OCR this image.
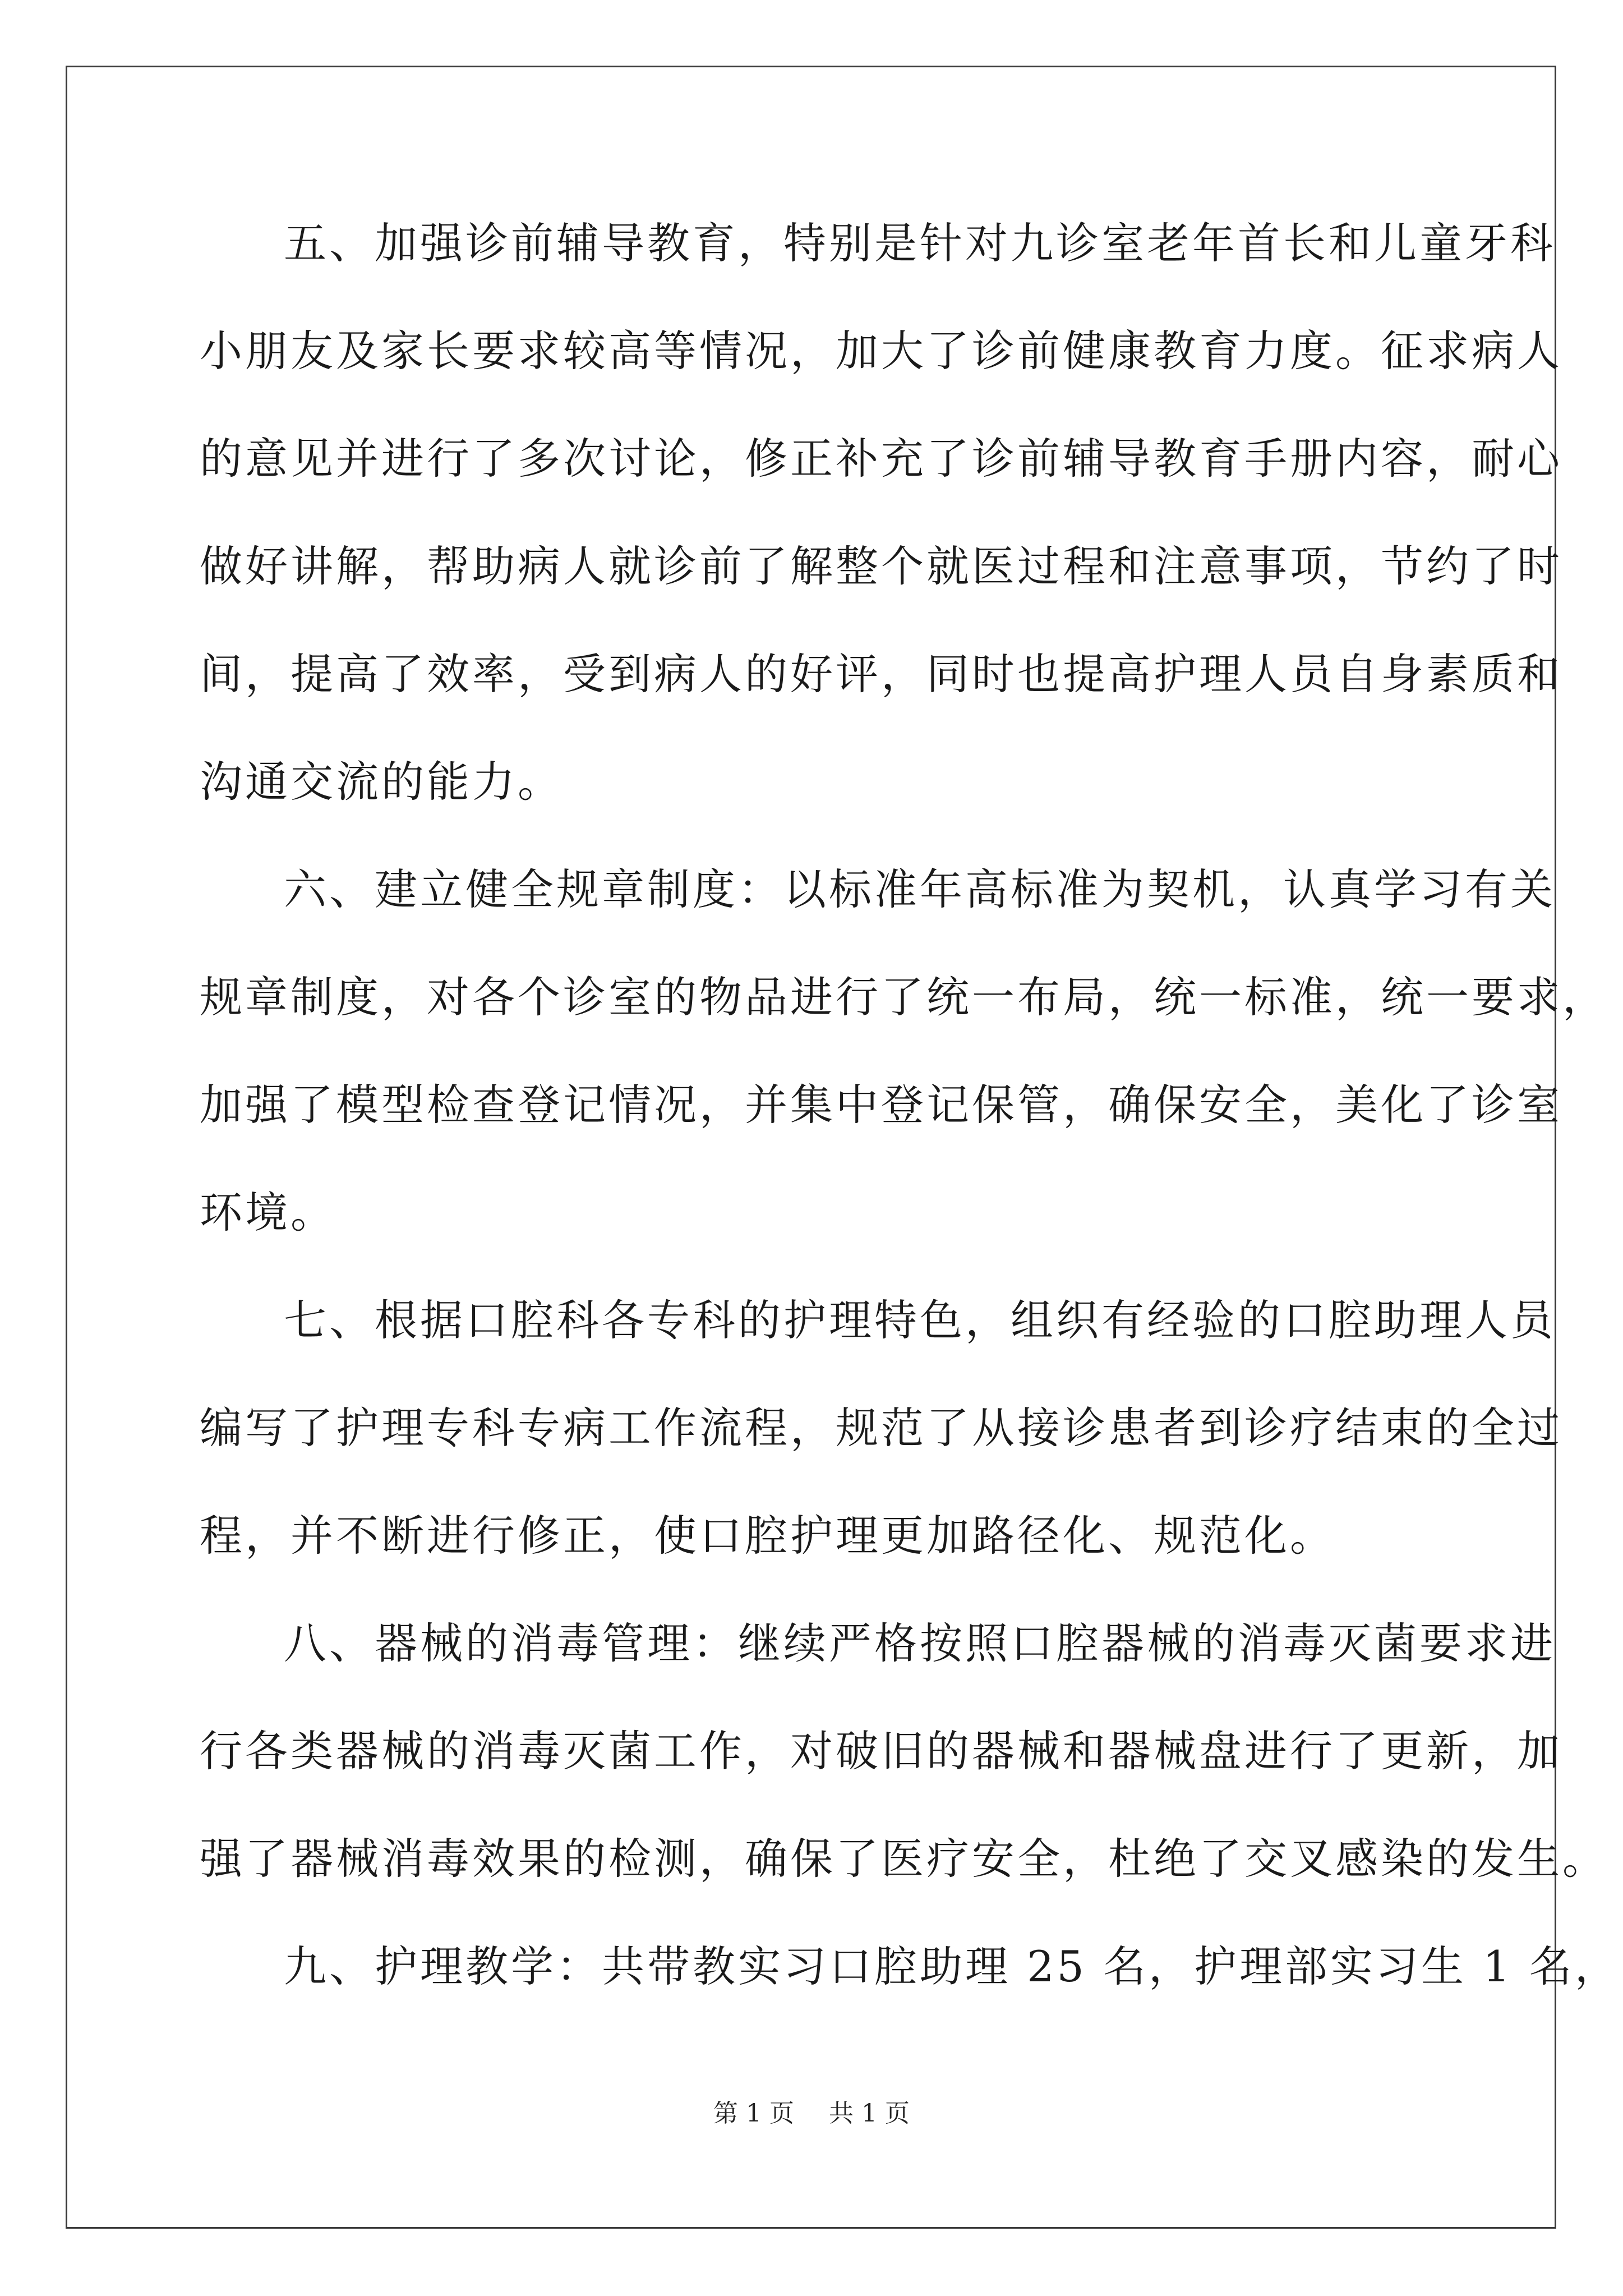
五、加强诊前辅导教育，特别是针对九诊室老年首长和儿童牙科
小朋友及家长要求较高等情况，加大了诊前健康教育力度。征求病人
的意见并进行了多次讨论，修正补充了诊前辅导教育手册内容，耐心
做好讲解，帮助病人就诊前了解整个就医过程和注意事项，节约了时
间，提高了效率，受到病人的好评，同时也提高护理人员自身素质和
沟通交流的能力。
六、建立健全规章制度：以标准年高标准为契机，认真学习有关
规章制度，对各个诊室的物品进行了统一布局，统一标准，统一要求，
加强了模型检查登记情况，并集中登记保管，确保安全，美化了诊室
环境。
七、根据口腔科各专科的护理特色，组织有经验的口腔助理人员
编写了护理专科专病工作流程，规范了从接诊患者到诊疗结束的全过
程，并不断进行修正，使口腔护理更加路径化、规范化。
八、器械的消毒管理：继续严格按照口腔器械的消毒灭菌要求进
行各类器械的消毒灭菌工作，对破旧的器械和器械盘进行了更新，加
强了器械消毒效果的检测，确保了医疗安全，杜绝了交叉感染的发生。
九、护理教学：共带教实习口腔助理 25 名，护理部实习生 1 名，
第 1 页 共 1 页
